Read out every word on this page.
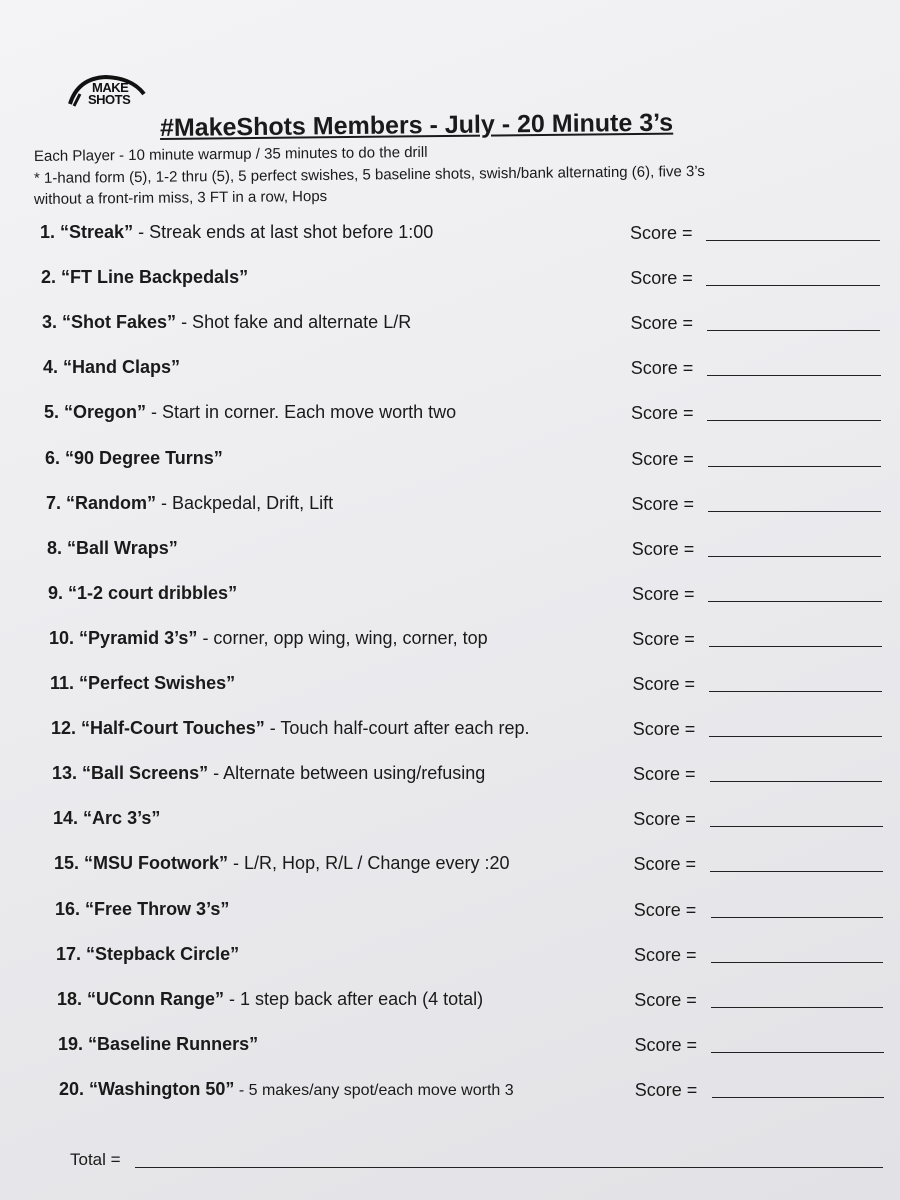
MAKE
SHOTS
#MakeShots Members - July - 20 Minute 3’s
Each Player - 10 minute warmup / 35 minutes to do the drill
* 1-hand form (5), 1-2 thru (5), 5 perfect swishes, 5 baseline shots, swish/bank alternating (6), five 3’s
without a front-rim miss, 3 FT in a row, Hops
1. “Streak” - Streak ends at last shot before 1:00	Score =
2. “FT Line Backpedals”	Score =
3. “Shot Fakes” - Shot fake and alternate L/R	Score =
4. “Hand Claps”	Score =
5. “Oregon” - Start in corner. Each move worth two	Score =
6. “90 Degree Turns”	Score =
7. “Random” - Backpedal, Drift, Lift	Score =
8. “Ball Wraps”	Score =
9. “1-2 court dribbles”	Score =
10. “Pyramid 3’s” - corner, opp wing, wing, corner, top	Score =
11. “Perfect Swishes”	Score =
12. “Half-Court Touches” - Touch half-court after each rep.	Score =
13. “Ball Screens” - Alternate between using/refusing	Score =
14. “Arc 3’s”	Score =
15. “MSU Footwork” - L/R, Hop, R/L / Change every :20	Score =
16. “Free Throw 3’s”	Score =
17. “Stepback Circle”	Score =
18. “UConn Range” - 1 step back after each (4 total)	Score =
19. “Baseline Runners”	Score =
20. “Washington 50” - 5 makes/any spot/each move worth 3	Score =
Total =
